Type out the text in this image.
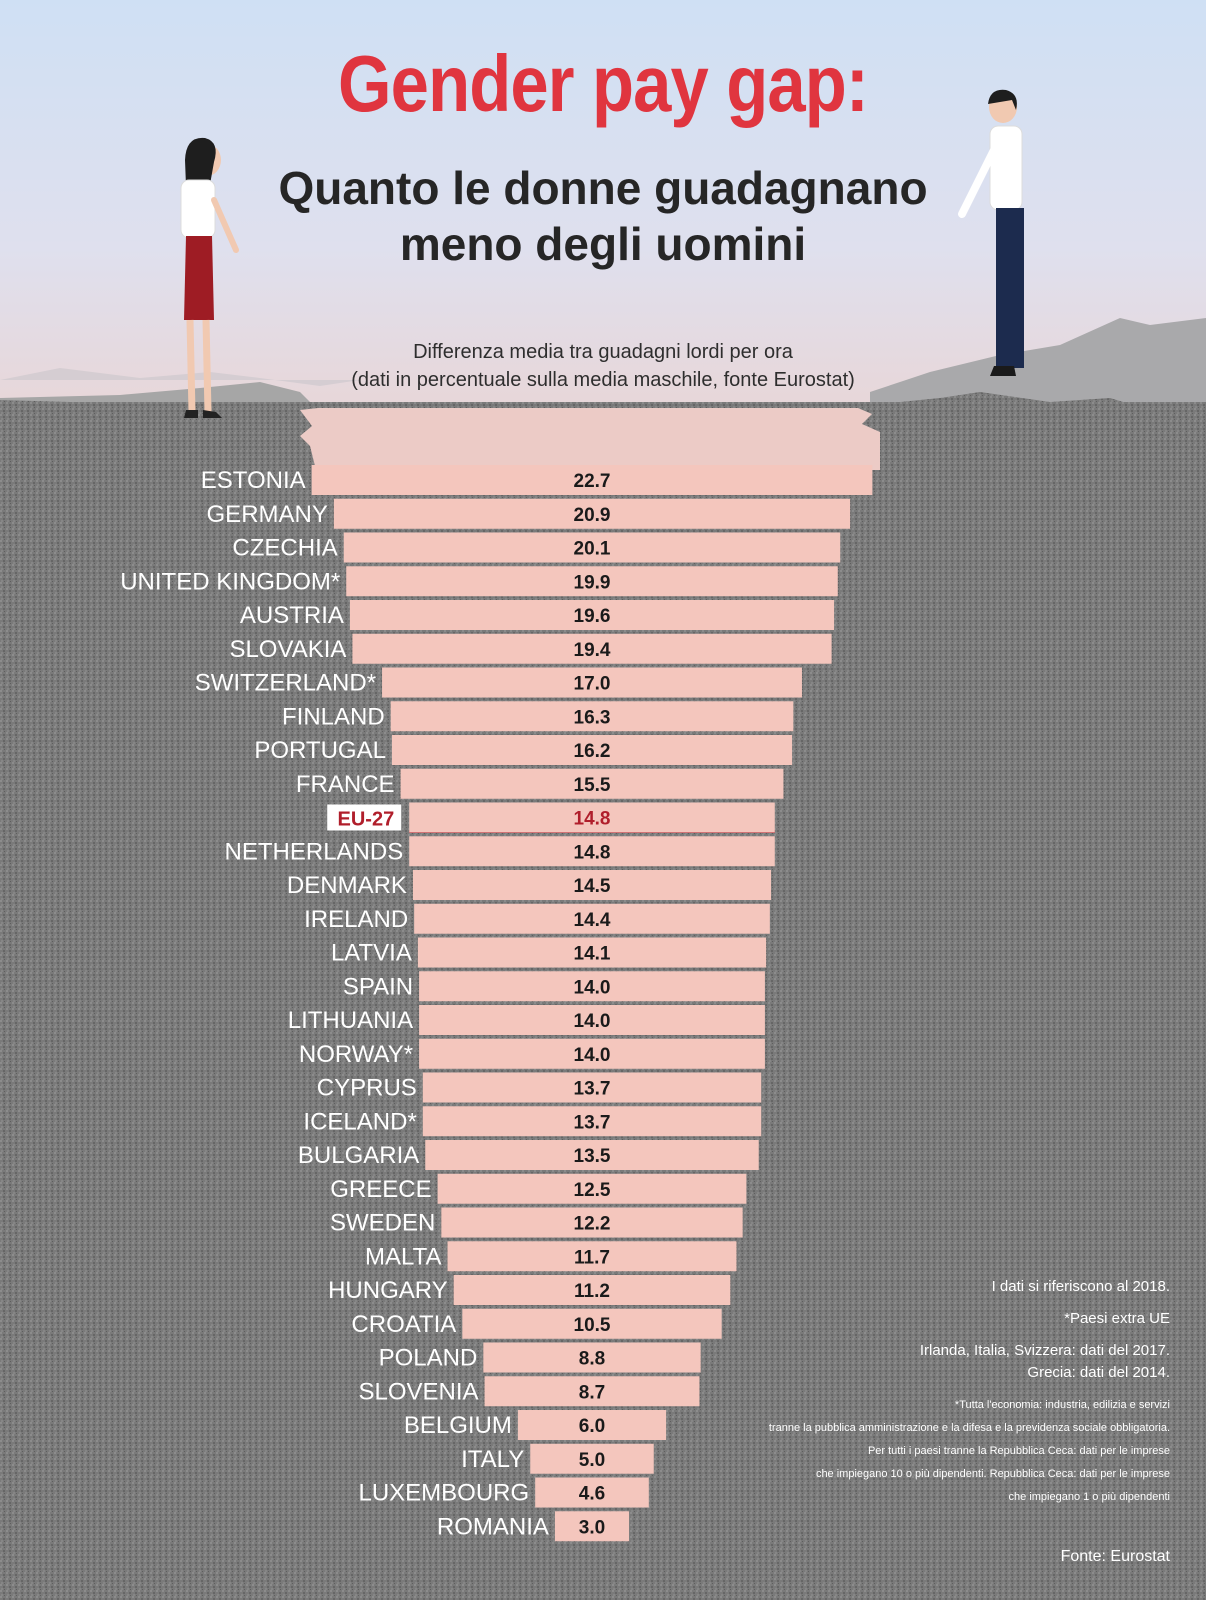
22.7
ESTONIA
20.9
GERMANY
20.1
CZECHIA
19.9
UNITED KINGDOM*
19.6
AUSTRIA
19.4
SLOVAKIA
17.0
SWITZERLAND*
16.3
FINLAND
16.2
PORTUGAL
15.5
FRANCE
14.8
EU-27
14.8
NETHERLANDS
14.5
DENMARK
14.4
IRELAND
14.1
LATVIA
14.0
SPAIN
14.0
LITHUANIA
14.0
NORWAY*
13.7
CYPRUS
13.7
ICELAND*
13.5
BULGARIA
12.5
GREECE
12.2
SWEDEN
11.7
MALTA
11.2
HUNGARY
10.5
CROATIA
8.8
POLAND
8.7
SLOVENIA
6.0
BELGIUM
5.0
ITALY
4.6
LUXEMBOURG
3.0
ROMANIA
Gender pay gap:
Quanto le donne guadagnano
meno degli uomini
Differenza media tra guadagni lordi per ora
(dati in percentuale sulla media maschile, fonte Eurostat)
I dati si riferiscono al 2018.
*Paesi extra UE
Irlanda, Italia, Svizzera: dati del 2017.
Grecia: dati del 2014.
*Tutta l'economia: industria, edilizia e servizi
tranne la pubblica amministrazione e la difesa e la previdenza sociale obbligatoria.
Per tutti i paesi tranne la Repubblica Ceca: dati per le imprese
che impiegano 10 o più dipendenti. Repubblica Ceca: dati per le imprese
che impiegano 1 o più dipendenti
Fonte: Eurostat
